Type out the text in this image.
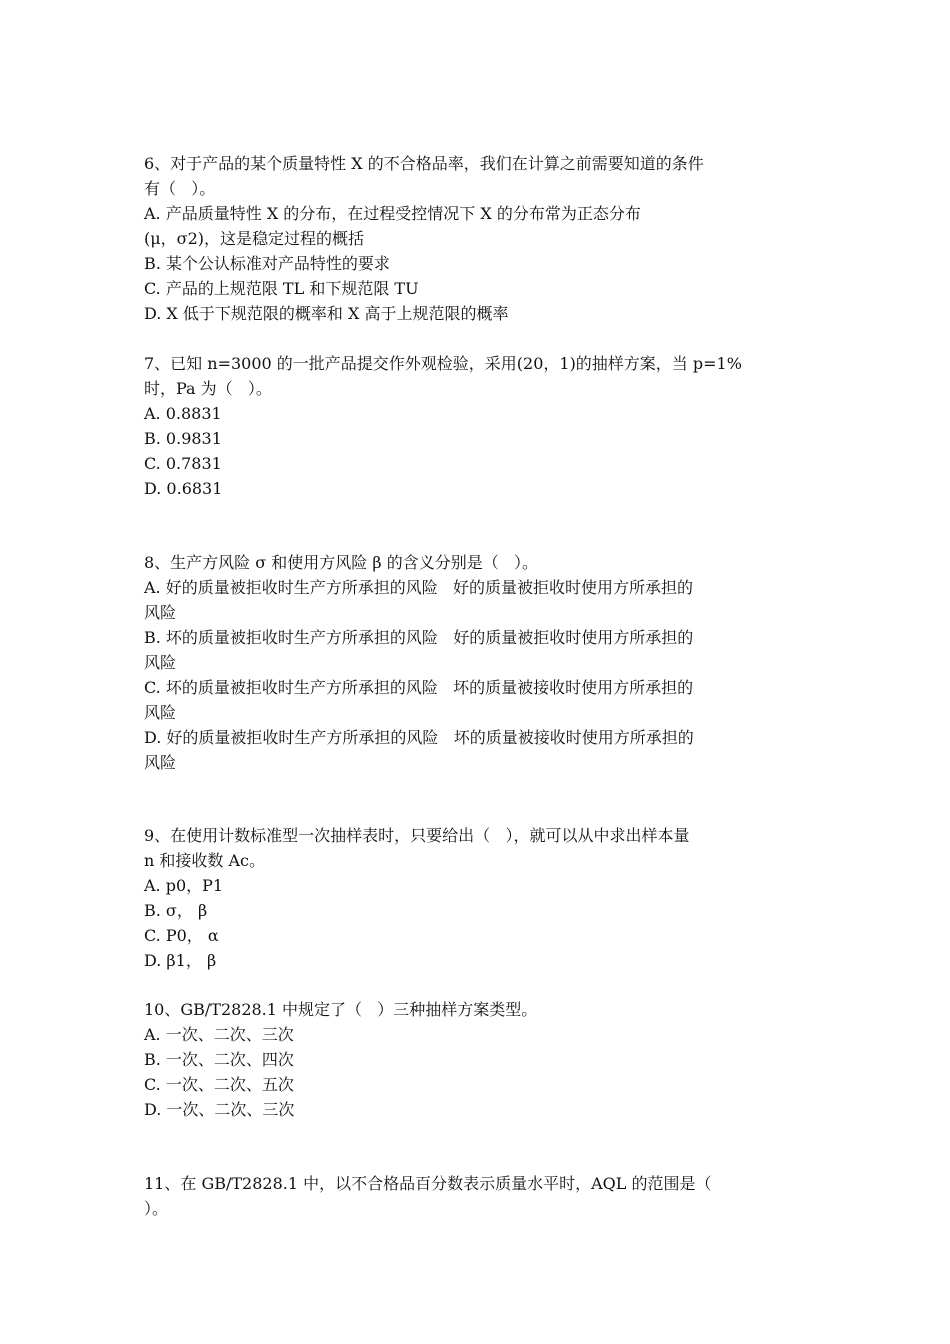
6、对于产品的某个质量特性 X 的不合格品率，我们在计算之前需要知道的条件
有（   ）。
A. 产品质量特性 X 的分布，在过程受控情况下 X 的分布常为正态分布
(μ，σ2)，这是稳定过程的概括
B. 某个公认标准对产品特性的要求
C. 产品的上规范限 TL 和下规范限 TU
D. X 低于下规范限的概率和 X 高于上规范限的概率
7、已知 n=3000 的一批产品提交作外观检验，采用(20，1)的抽样方案，当 p=1%
时，Pa 为（   ）。
A. 0.8831
B. 0.9831
C. 0.7831
D. 0.6831
8、生产方风险 σ 和使用方风险 β 的含义分别是（   ）。
A. 好的质量被拒收时生产方所承担的风险   好的质量被拒收时使用方所承担的
风险
B. 坏的质量被拒收时生产方所承担的风险   好的质量被拒收时使用方所承担的
风险
C. 坏的质量被拒收时生产方所承担的风险   坏的质量被接收时使用方所承担的
风险
D. 好的质量被拒收时生产方所承担的风险   坏的质量被接收时使用方所承担的
风险
9、在使用计数标准型一次抽样表时，只要给出（   ），就可以从中求出样本量
n 和接收数 Ac。
A. p0，P1
B. σ， β
C. P0， α
D. β1， β
10、GB/T2828.1 中规定了（   ）三种抽样方案类型。
A. 一次、二次、三次
B. 一次、二次、四次
C. 一次、二次、五次
D. 一次、二次、三次
11、在 GB/T2828.1 中，以不合格品百分数表示质量水平时，AQL 的范围是（
）。
